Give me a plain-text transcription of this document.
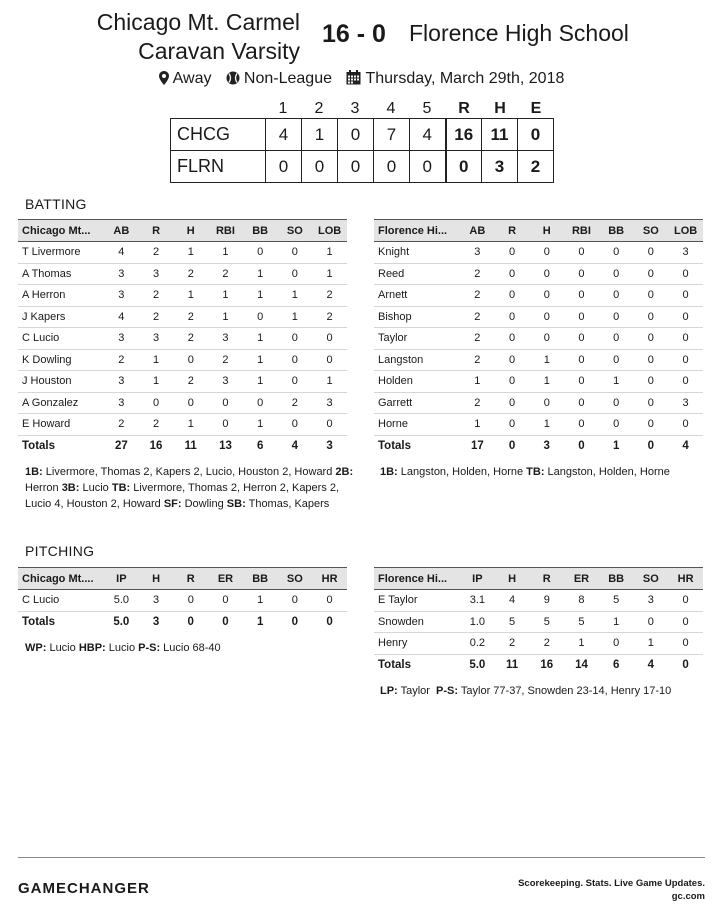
Chicago Mt. Carmel
Caravan Varsity
16 - 0	Florence High School
Away Non-League Thursday, March 29th, 2018
1	2	3	4	5	R	H	E
CHCG	4	1	0	7	4	16	11	0
FLRN	0	0	0	0	0	0	3	2
BATTING
Chicago Mt...	AB	R	H	RBI	BB	SO	LOB
T Livermore	4	2	1	1	0	0	1
A Thomas	3	3	2	2	1	0	1
A Herron	3	2	1	1	1	1	2
J Kapers	4	2	2	1	0	1	2
C Lucio	3	3	2	3	1	0	0
K Dowling	2	1	0	2	1	0	0
J Houston	3	1	2	3	1	0	1
A Gonzalez	3	0	0	0	0	2	3
E Howard	2	2	1	0	1	0	0
Totals	27	16	11	13	6	4	3
Florence Hi...	AB	R	H	RBI	BB	SO	LOB
Knight	3	0	0	0	0	0	3
Reed	2	0	0	0	0	0	0
Arnett	2	0	0	0	0	0	0
Bishop	2	0	0	0	0	0	0
Taylor	2	0	0	0	0	0	0
Langston	2	0	1	0	0	0	0
Holden	1	0	1	0	1	0	0
Garrett	2	0	0	0	0	0	3
Horne	1	0	1	0	0	0	0
Totals	17	0	3	0	1	0	4
1B: Livermore, Thomas 2, Kapers 2, Lucio, Houston 2, Howard 2B: Herron 3B: Lucio TB: Livermore, Thomas 2, Herron 2, Kapers 2, Lucio 4, Houston 2, Howard SF: Dowling SB: Thomas, Kapers
1B: Langston, Holden, Horne TB: Langston, Holden, Horne
PITCHING
Chicago Mt....	IP	H	R	ER	BB	SO	HR
C Lucio	5.0	3	0	0	1	0	0
Totals	5.0	3	0	0	1	0	0
Florence Hi...	IP	H	R	ER	BB	SO	HR
E Taylor	3.1	4	9	8	5	3	0
Snowden	1.0	5	5	5	1	0	0
Henry	0.2	2	2	1	0	1	0
Totals	5.0	11	16	14	6	4	0
WP: Lucio HBP: Lucio P-S: Lucio 68-40
LP: Taylor  P-S: Taylor 77-37, Snowden 23-14, Henry 17-10
GAMECHANGER	Scorekeeping. Stats. Live Game Updates.
gc.com
